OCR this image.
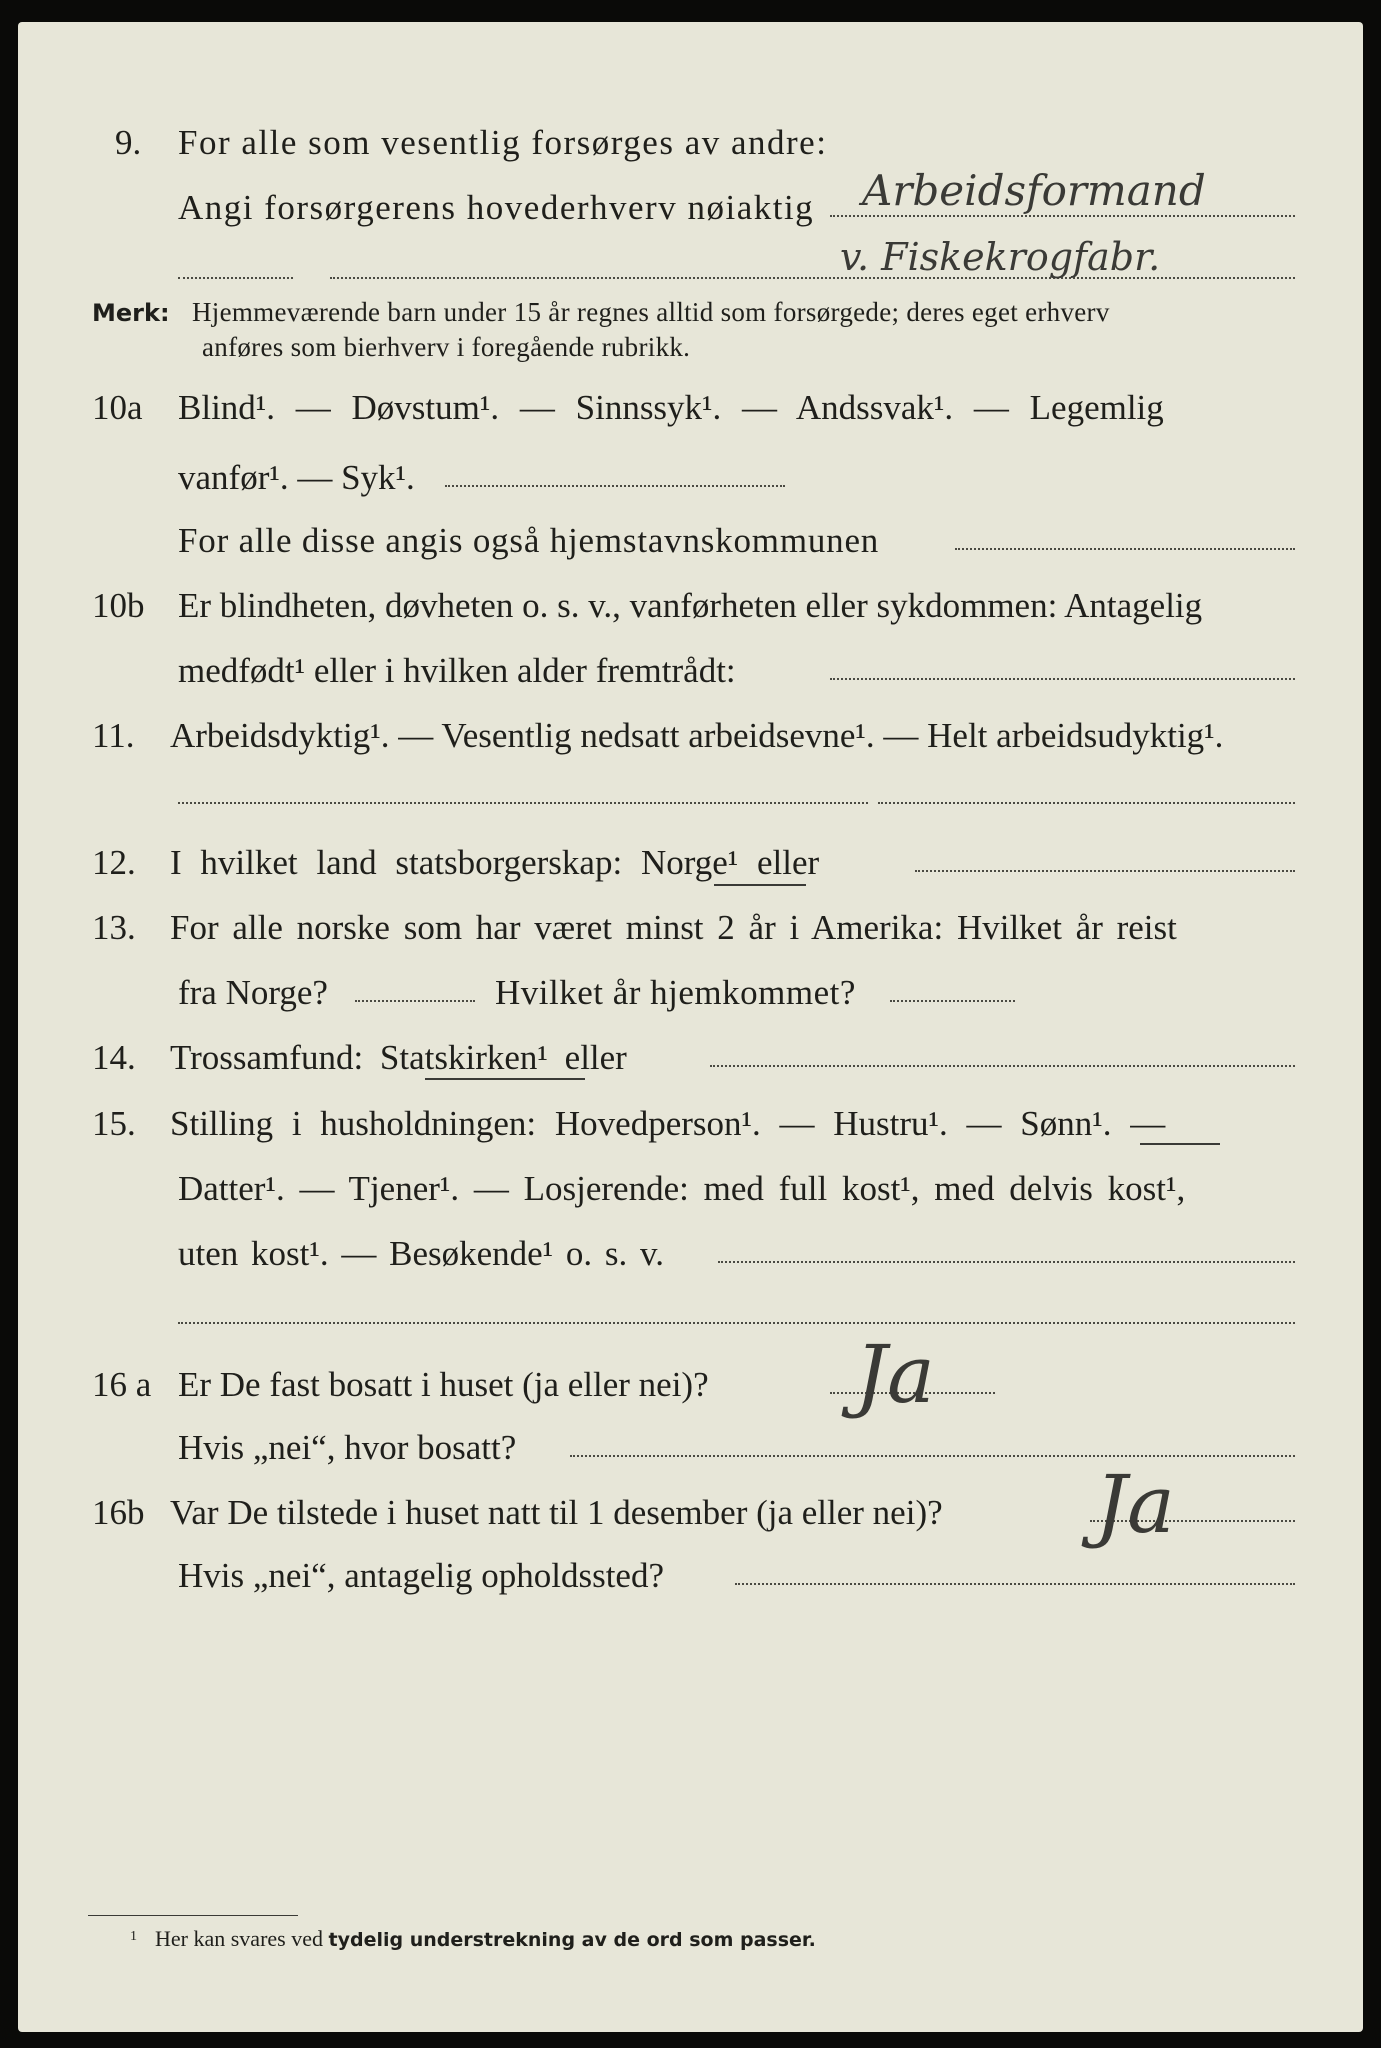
9. For alle som vesentlig forsørges av andre:
Angi forsørgerens hovederhverv nøiaktig Arbeidsformand
v. Fiskekrogfabr.
Merk: Hjemmeværende barn under 15 år regnes alltid som forsørgede; deres eget erhverv
anføres som bierhverv i foregående rubrikk.
10a Blind¹. — Døvstum¹. — Sinnssyk¹. — Andssvak¹. — Legemlig
vanfør¹. — Syk¹.
For alle disse angis også hjemstavnskommunen
10b Er blindheten, døvheten o. s. v., vanførheten eller sykdommen: Antagelig
medfødt¹ eller i hvilken alder fremtrådt:
11. Arbeidsdyktig¹. — Vesentlig nedsatt arbeidsevne¹. — Helt arbeidsudyktig¹.
12. I hvilket land statsborgerskap: Norge¹ eller
13. For alle norske som har været minst 2 år i Amerika: Hvilket år reist
fra Norge?	Hvilket år hjemkommet?
14. Trossamfund: Statskirken¹ eller
15. Stilling i husholdningen: Hovedperson¹. — Hustru¹. — Sønn¹. —
Datter¹. — Tjener¹. — Losjerende: med full kost¹, med delvis kost¹,
uten kost¹. — Besøkende¹ o. s. v.
16 a Er De fast bosatt i huset (ja eller nei)? Ja
Hvis „nei“, hvor bosatt?
16b Var De tilstede i huset natt til 1 desember (ja eller nei)? Ja
Hvis „nei“, antagelig opholdssted?
1 Her kan svares ved tydelig understrekning av de ord som passer.
